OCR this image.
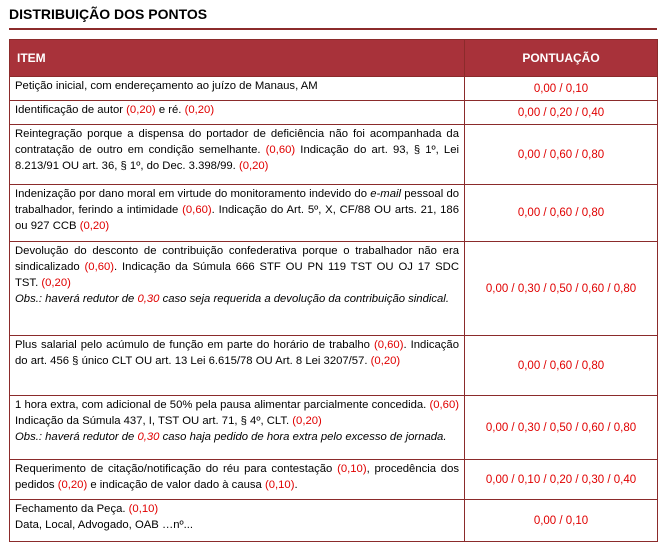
DISTRIBUIÇÃO DOS PONTOS
ITEM	PONTUAÇÃO
Petição inicial, com endereçamento ao juízo de Manaus, AM	0,00 / 0,10
Identificação de autor (0,20) e ré. (0,20)	0,00 / 0,20 / 0,40
Reintegração porque a dispensa do portador de deficiência não foi acompanhada da contratação de outro em condição semelhante. (0,60) Indicação do art. 93, § 1º, Lei 8.213/91 OU art. 36, § 1º, do Dec. 3.398/99. (0,20)	0,00 / 0,60 / 0,80
Indenização por dano moral em virtude do monitoramento indevido do e-mail pessoal do trabalhador, ferindo a intimidade (0,60). Indicação do Art. 5º, X, CF/88 OU arts. 21, 186 ou 927 CCB (0,20)	0,00 / 0,60 / 0,80
Devolução do desconto de contribuição confederativa porque o trabalhador não era sindicalizado (0,60). Indicação da Súmula 666 STF OU PN 119 TST OU OJ 17 SDC TST. (0,20)
Obs.: haverá redutor de 0,30 caso seja requerida a devolução da contribuição sindical.	0,00 / 0,30 / 0,50 / 0,60 / 0,80
Plus salarial pelo acúmulo de função em parte do horário de trabalho (0,60). Indicação do art. 456 § único CLT OU art. 13 Lei 6.615/78 OU Art. 8 Lei 3207/57. (0,20)	0,00 / 0,60 / 0,80
1 hora extra, com adicional de 50% pela pausa alimentar parcialmente concedida. (0,60) Indicação da Súmula 437, I, TST OU art. 71, § 4º, CLT. (0,20)
Obs.: haverá redutor de 0,30 caso haja pedido de hora extra pelo excesso de jornada.	0,00 / 0,30 / 0,50 / 0,60 / 0,80
Requerimento de citação/notificação do réu para contestação (0,10), procedência dos pedidos (0,20) e indicação de valor dado à causa (0,10).	0,00 / 0,10 / 0,20 / 0,30 / 0,40
Fechamento da Peça. (0,10)
Data, Local, Advogado, OAB …nº...	0,00 / 0,10
